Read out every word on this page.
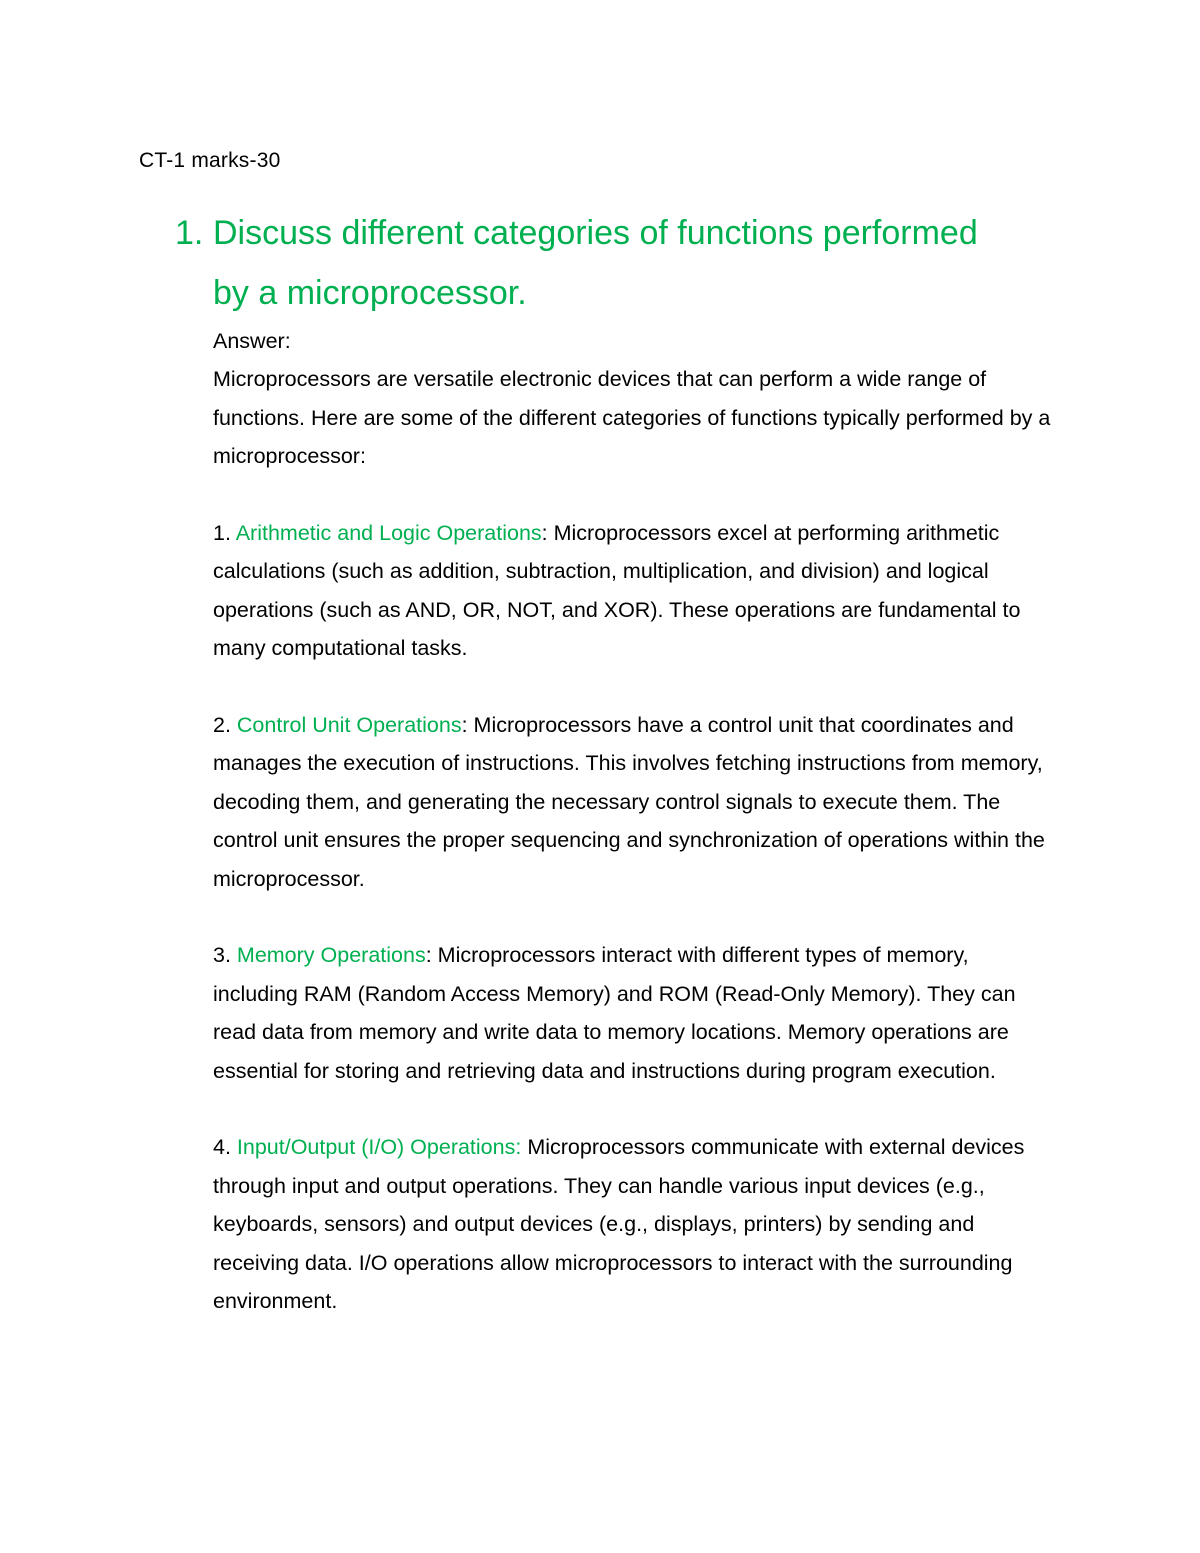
CT-1 marks-30
1. Discuss different categories of functions performed by a microprocessor.

Answer:

Microprocessors are versatile electronic devices that can perform a wide range of functions. Here are some of the different categories of functions typically performed by a microprocessor:

1. Arithmetic and Logic Operations: Microprocessors excel at performing arithmetic calculations (such as addition, subtraction, multiplication, and division) and logical operations (such as AND, OR, NOT, and XOR). These operations are fundamental to many computational tasks.

2. Control Unit Operations: Microprocessors have a control unit that coordinates and manages the execution of instructions. This involves fetching instructions from memory, decoding them, and generating the necessary control signals to execute them. The control unit ensures the proper sequencing and synchronization of operations within the microprocessor.

3. Memory Operations: Microprocessors interact with different types of memory, including RAM (Random Access Memory) and ROM (Read-Only Memory). They can read data from memory and write data to memory locations. Memory operations are essential for storing and retrieving data and instructions during program execution.

4. Input/Output (I/O) Operations: Microprocessors communicate with external devices through input and output operations. They can handle various input devices (e.g., keyboards, sensors) and output devices (e.g., displays, printers) by sending and receiving data. I/O operations allow microprocessors to interact with the surrounding environment.
